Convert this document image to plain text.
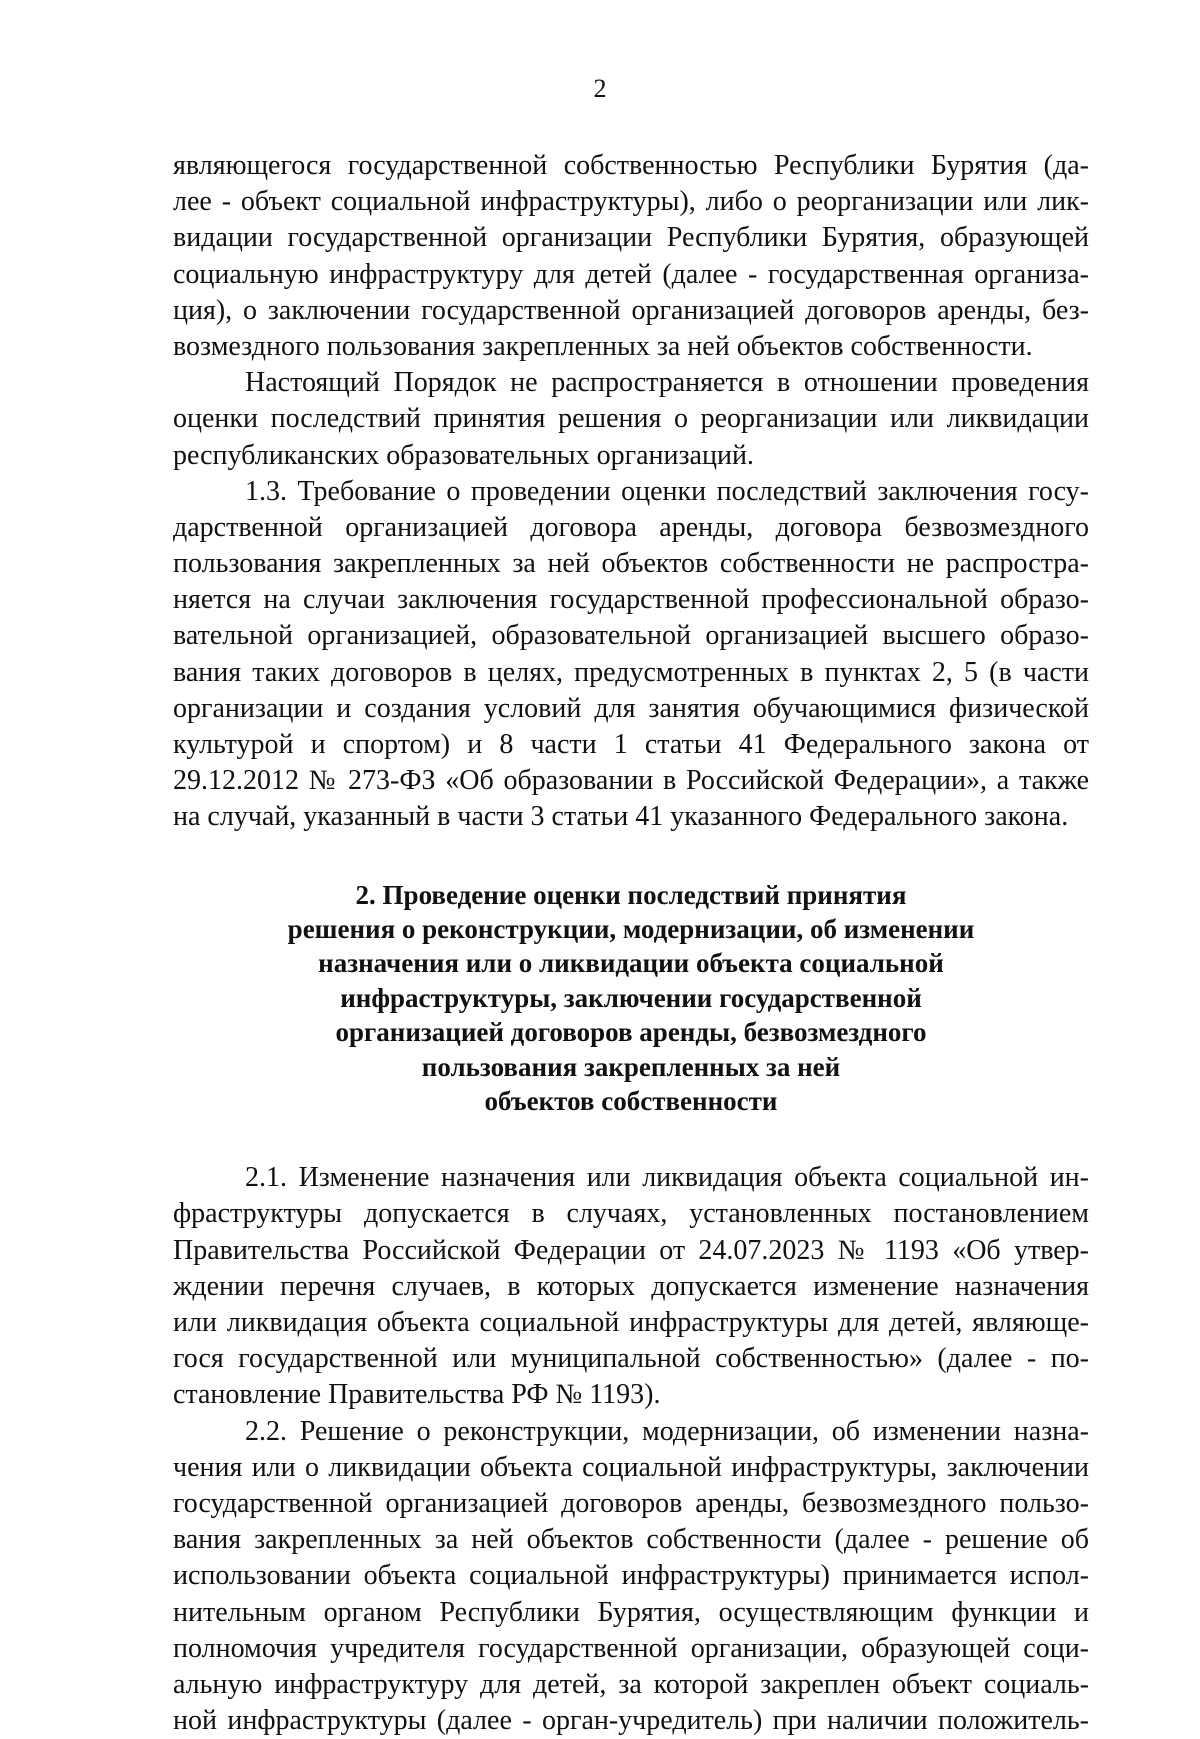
2
являющегося государственной собственностью Республики Бурятия (да-
лее - объект социальной инфраструктуры), либо о реорганизации или лик-
видации государственной организации Республики Бурятия, образующей
социальную инфраструктуру для детей (далее - государственная организа-
ция), о заключении государственной организацией договоров аренды, без-
возмездного пользования закрепленных за ней объектов собственности.
Настоящий Порядок не распространяется в отношении проведения
оценки последствий принятия решения о реорганизации или ликвидации
республиканских образовательных организаций.
1.3. Требование о проведении оценки последствий заключения госу-
дарственной организацией договора аренды, договора безвозмездного
пользования закрепленных за ней объектов собственности не распростра-
няется на случаи заключения государственной профессиональной образо-
вательной организацией, образовательной организацией высшего образо-
вания таких договоров в целях, предусмотренных в пунктах 2, 5 (в части
организации и создания условий для занятия обучающимися физической
культурой и спортом) и 8 части 1 статьи 41 Федерального закона от
29.12.2012 № 273-ФЗ «Об образовании в Российской Федерации», а также
на случай, указанный в части 3 статьи 41 указанного Федерального закона.
2. Проведение оценки последствий принятия
решения о реконструкции, модернизации, об изменении
назначения или о ликвидации объекта социальной
инфраструктуры, заключении государственной
организацией договоров аренды, безвозмездного
пользования закрепленных за ней
объектов собственности
2.1. Изменение назначения или ликвидация объекта социальной ин-
фраструктуры допускается в случаях, установленных постановлением
Правительства Российской Федерации от 24.07.2023 № 1193 «Об утвер-
ждении перечня случаев, в которых допускается изменение назначения
или ликвидация объекта социальной инфраструктуры для детей, являюще-
гося государственной или муниципальной собственностью» (далее - по-
становление Правительства РФ № 1193).
2.2. Решение о реконструкции, модернизации, об изменении назна-
чения или о ликвидации объекта социальной инфраструктуры, заключении
государственной организацией договоров аренды, безвозмездного пользо-
вания закрепленных за ней объектов собственности (далее - решение об
использовании объекта социальной инфраструктуры) принимается испол-
нительным органом Республики Бурятия, осуществляющим функции и
полномочия учредителя государственной организации, образующей соци-
альную инфраструктуру для детей, за которой закреплен объект социаль-
ной инфраструктуры (далее - орган-учредитель) при наличии положитель-
